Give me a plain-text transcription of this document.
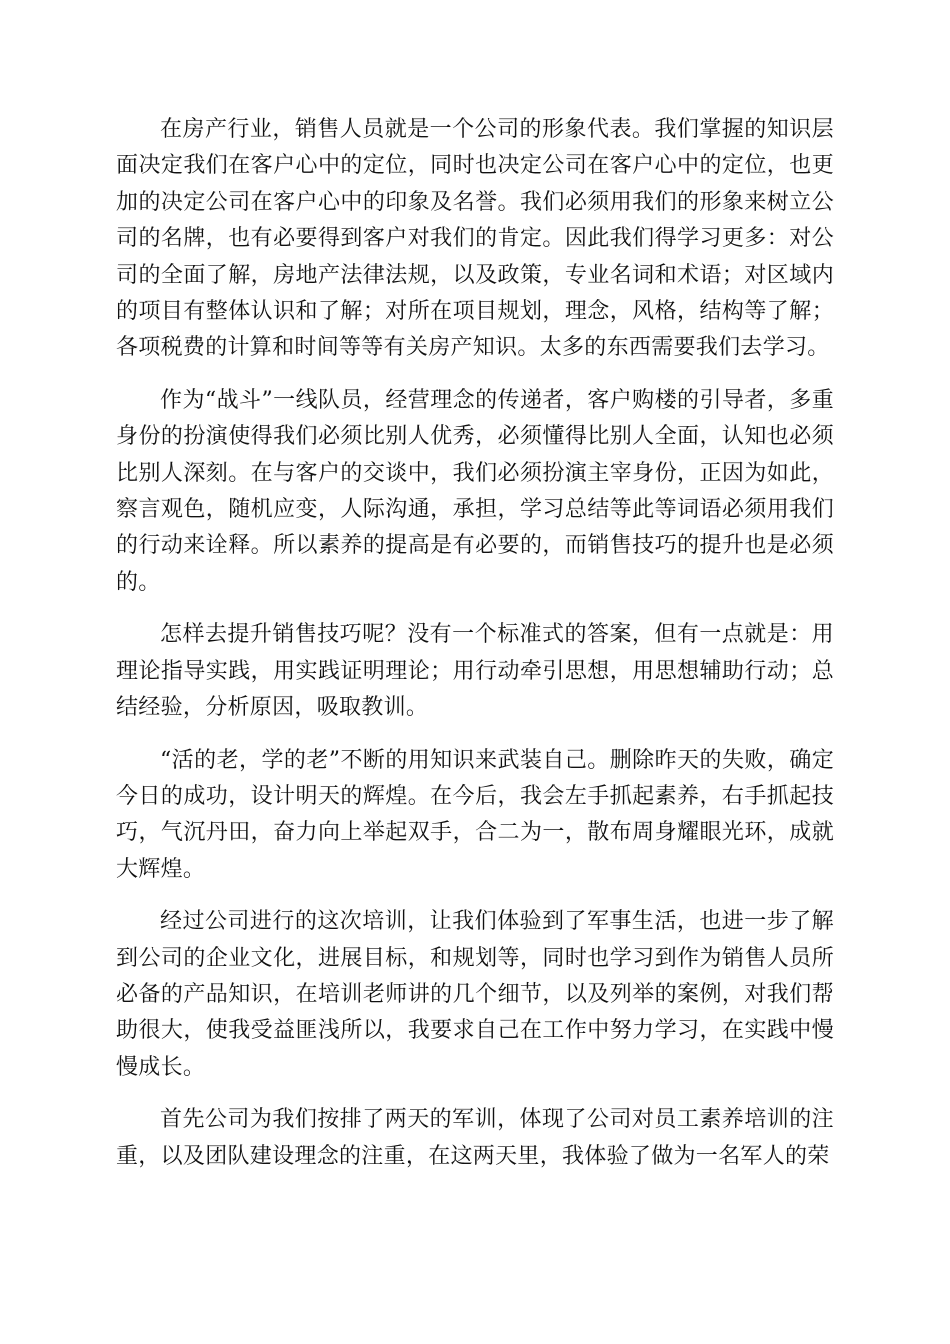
在房产行业，销售人员就是一个公司的形象代表。我们掌握的知识层面决定我们在客户心中的定位，同时也决定公司在客户心中的定位，也更加的决定公司在客户心中的印象及名誉。我们必须用我们的形象来树立公司的名牌，也有必要得到客户对我们的肯定。因此我们得学习更多：对公司的全面了解，房地产法律法规，以及政策，专业名词和术语；对区域内的项目有整体认识和了解；对所在项目规划，理念，风格，结构等了解；各项税费的计算和时间等等有关房产知识。太多的东西需要我们去学习。

作为“战斗”一线队员，经营理念的传递者，客户购楼的引导者，多重身份的扮演使得我们必须比别人优秀，必须懂得比别人全面，认知也必须比别人深刻。在与客户的交谈中，我们必须扮演主宰身份，正因为如此，察言观色，随机应变，人际沟通，承担，学习总结等此等词语必须用我们的行动来诠释。所以素养的提高是有必要的，而销售技巧的提升也是必须的。

怎样去提升销售技巧呢？没有一个标准式的答案，但有一点就是：用理论指导实践，用实践证明理论；用行动牵引思想，用思想辅助行动；总结经验，分析原因，吸取教训。

“活的老，学的老”不断的用知识来武装自己。删除昨天的失败，确定今日的成功，设计明天的辉煌。在今后，我会左手抓起素养，右手抓起技巧，气沉丹田，奋力向上举起双手，合二为一，散布周身耀眼光环，成就大辉煌。

经过公司进行的这次培训，让我们体验到了军事生活，也进一步了解到公司的企业文化，进展目标，和规划等，同时也学习到作为销售人员所必备的产品知识，在培训老师讲的几个细节，以及列举的案例，对我们帮助很大，使我受益匪浅所以，我要求自己在工作中努力学习，在实践中慢慢成长。

首先公司为我们按排了两天的军训，体现了公司对员工素养培训的注重，以及团队建设理念的注重，在这两天里，我体验了做为一名军人的荣
